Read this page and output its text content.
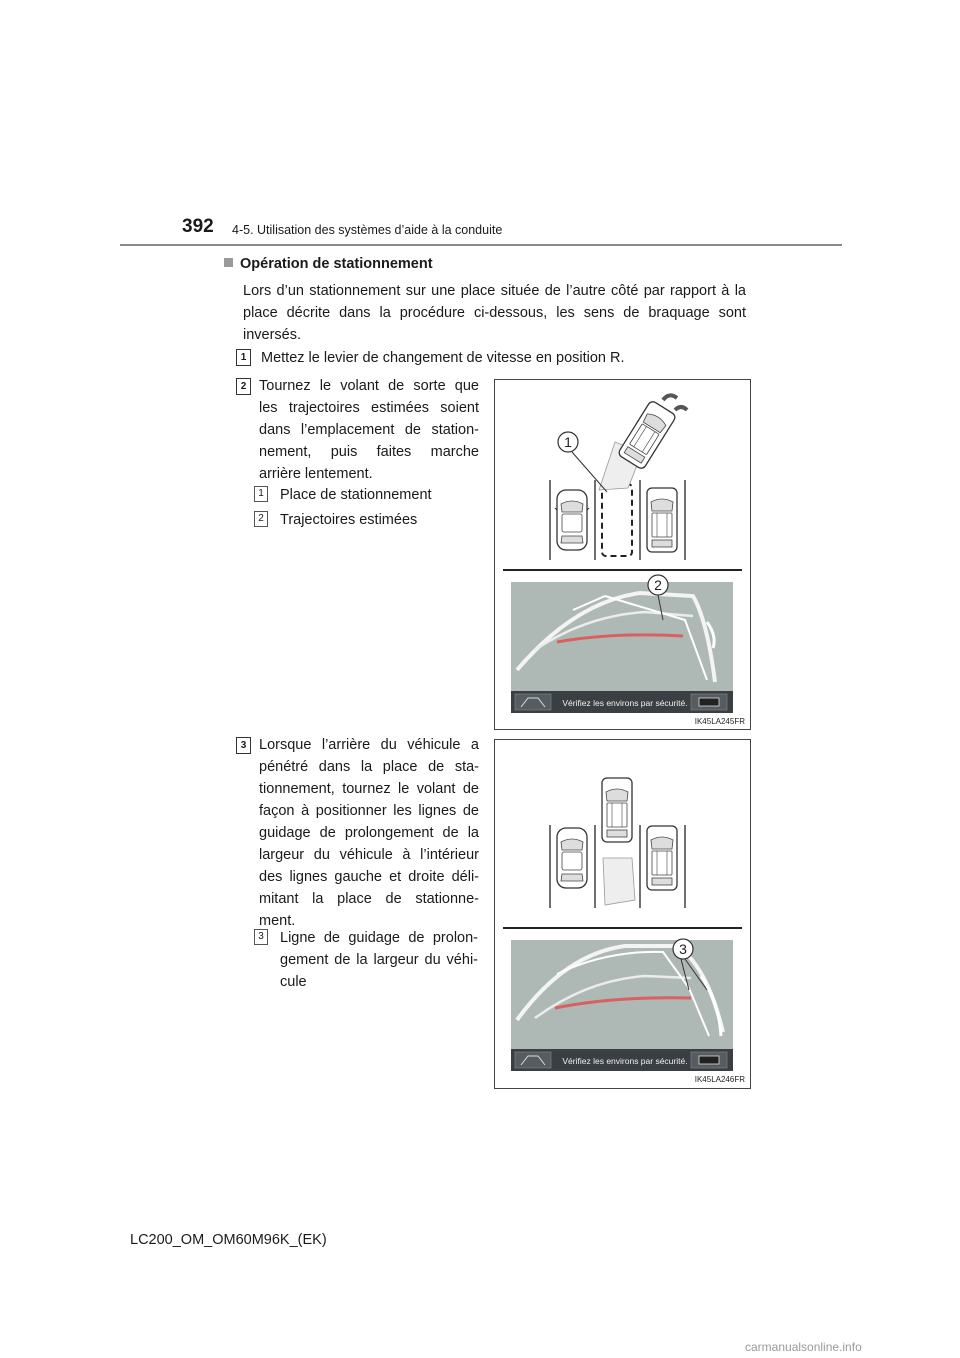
392 4-5. Utilisation des systèmes d’aide à la conduite
Opération de stationnement
Lors d’un stationnement sur une place située de l’autre côté par rapport à la place décrite dans la procédure ci-dessous, les sens de braquage sont inversés.
1	Mettez le levier de changement de vitesse en position R.
2 Tournez le volant de sorte que
les trajectoires estimées soient
dans l’emplacement de station-
nement, puis faites marche
arrière lentement.
1 Place de stationnement
2 Trajectoires estimées
3 Lorsque l’arrière du véhicule a
pénétré dans la place de sta-
tionnement, tournez le volant de
façon à positionner les lignes de
guidage de prolongement de la
largeur du véhicule à l’intérieur
des lignes gauche et droite déli-
mitant la place de stationne-
ment.
3 Ligne de guidage de prolon-
gement de la largeur du véhi-
cule
1
2
Vérifiez les environs par sécurité.
IK45LA245FR
3
Vérifiez les environs par sécurité.
IK45LA246FR
LC200_OM_OM60M96K_(EK)
carmanualsonline.info
